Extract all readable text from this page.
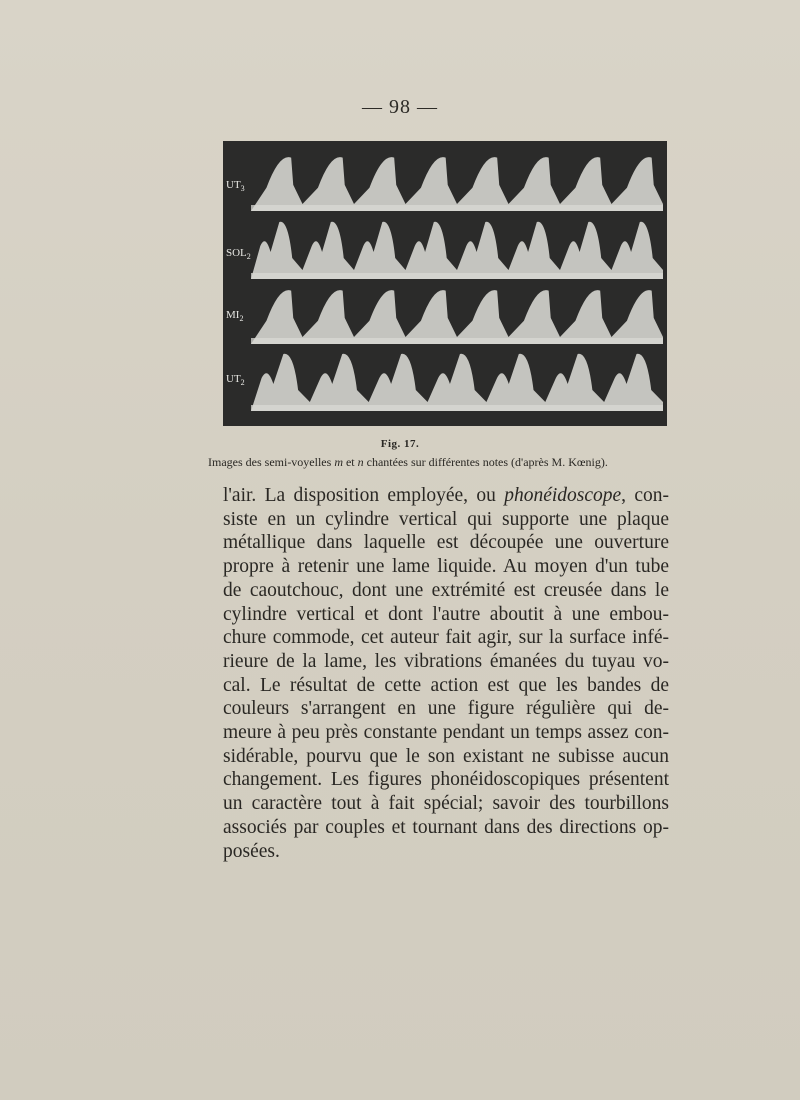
— 98 —
$UT_3$
$SOL_2$
$MI_2$
$UT_2$
Fig. 17.
Images des semi-voyelles m et n chantées sur différentes notes (d'après M. Kœnig).
l'air. La disposition employée, ou phonéidoscope, con-
siste en un cylindre vertical qui supporte une plaque
métallique dans laquelle est découpée une ouverture
propre à retenir une lame liquide. Au moyen d'un tube
de caoutchouc, dont une extrémité est creusée dans le
cylindre vertical et dont l'autre aboutit à une embou-
chure commode, cet auteur fait agir, sur la surface infé-
rieure de la lame, les vibrations émanées du tuyau vo-
cal. Le résultat de cette action est que les bandes de
couleurs s'arrangent en une figure régulière qui de-
meure à peu près constante pendant un temps assez con-
sidérable, pourvu que le son existant ne subisse aucun
changement. Les figures phonéidoscopiques présentent
un caractère tout à fait spécial; savoir des tourbillons
associés par couples et tournant dans des directions op-
posées.
